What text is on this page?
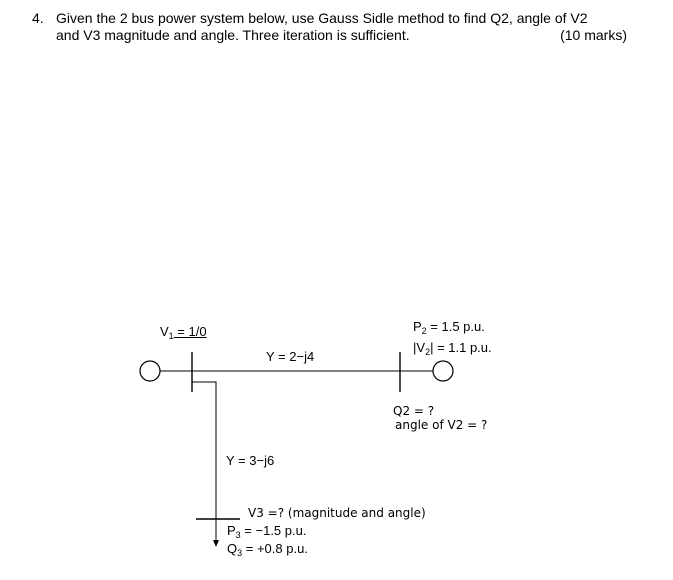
4. Given the 2 bus power system below, use Gauss Sidle method to find Q2, angle of V2
and V3 magnitude and angle. Three iteration is sufficient.	(10 marks)
$V_1 = 1/0$
Y = 2−j4
$P_2 = 1.5$ p.u.
$|V_2| = 1.1$ p.u.
Q2 = ?
angle of V2 = ?
Y = 3−j6
V3 =? (magnitude and angle)
$P_3 = -1.5$ p.u.
$Q_3 = +0.8$ p.u.
